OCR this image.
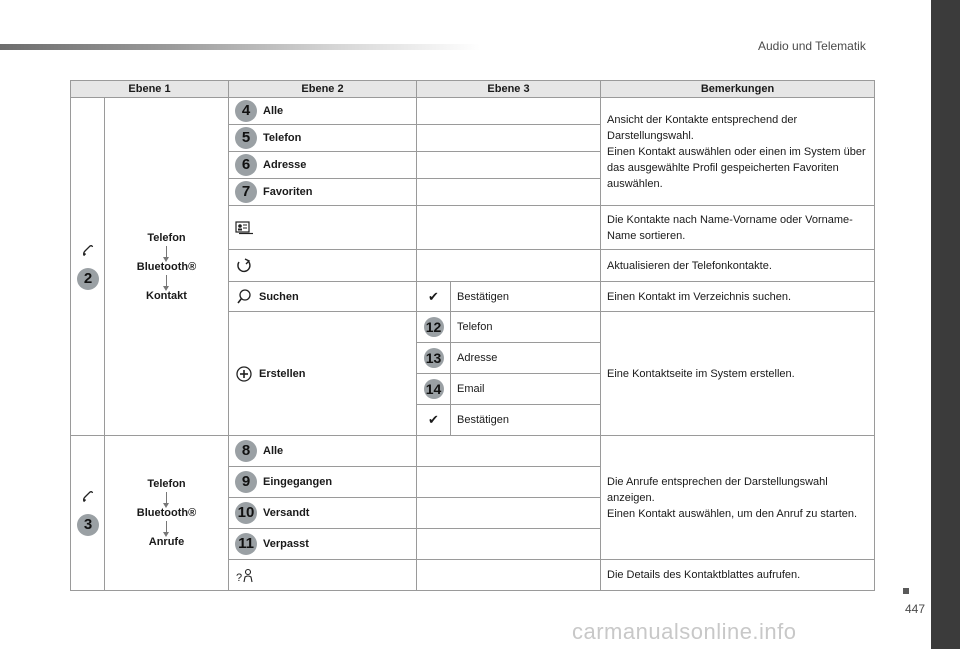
Audio und Telematik
Ebene 1		Ebene 2	Ebene 3		Bemerkungen

2	Telefon
Bluetooth®
Kontakt	4 Alle			Ansicht der Kontakte entsprechend der Darstellungswahl.
Einen Kontakt auswählen oder einen im System über das ausgewählte Profil gespeicherten Favoriten auswählen.
		5 Telefon			
		6 Adresse			
		7 Favoriten			

		Die Kontakte nach Name-Vorname oder Vorname-Name sortieren.

		Aktualisieren der Telefonkontakte.

Suchen	✔	Bestätigen	Einen Kontakt im Verzeichnis suchen.

Erstellen	12	Telefon	Eine Kontaktseite im System erstellen.
			13	Adresse	
			14	Email	
			✔	Bestätigen	

3	Telefon
Bluetooth®
Anrufe	8 Alle			Die Anrufe entsprechen der Darstellungswahl anzeigen.
Einen Kontakt auswählen, um den Anruf zu starten.
		9 Eingegangen			
		10 Versandt			
		11 Verpasst			

?			Die Details des Kontaktblattes aufrufen.
447
carmanualsonline.info
